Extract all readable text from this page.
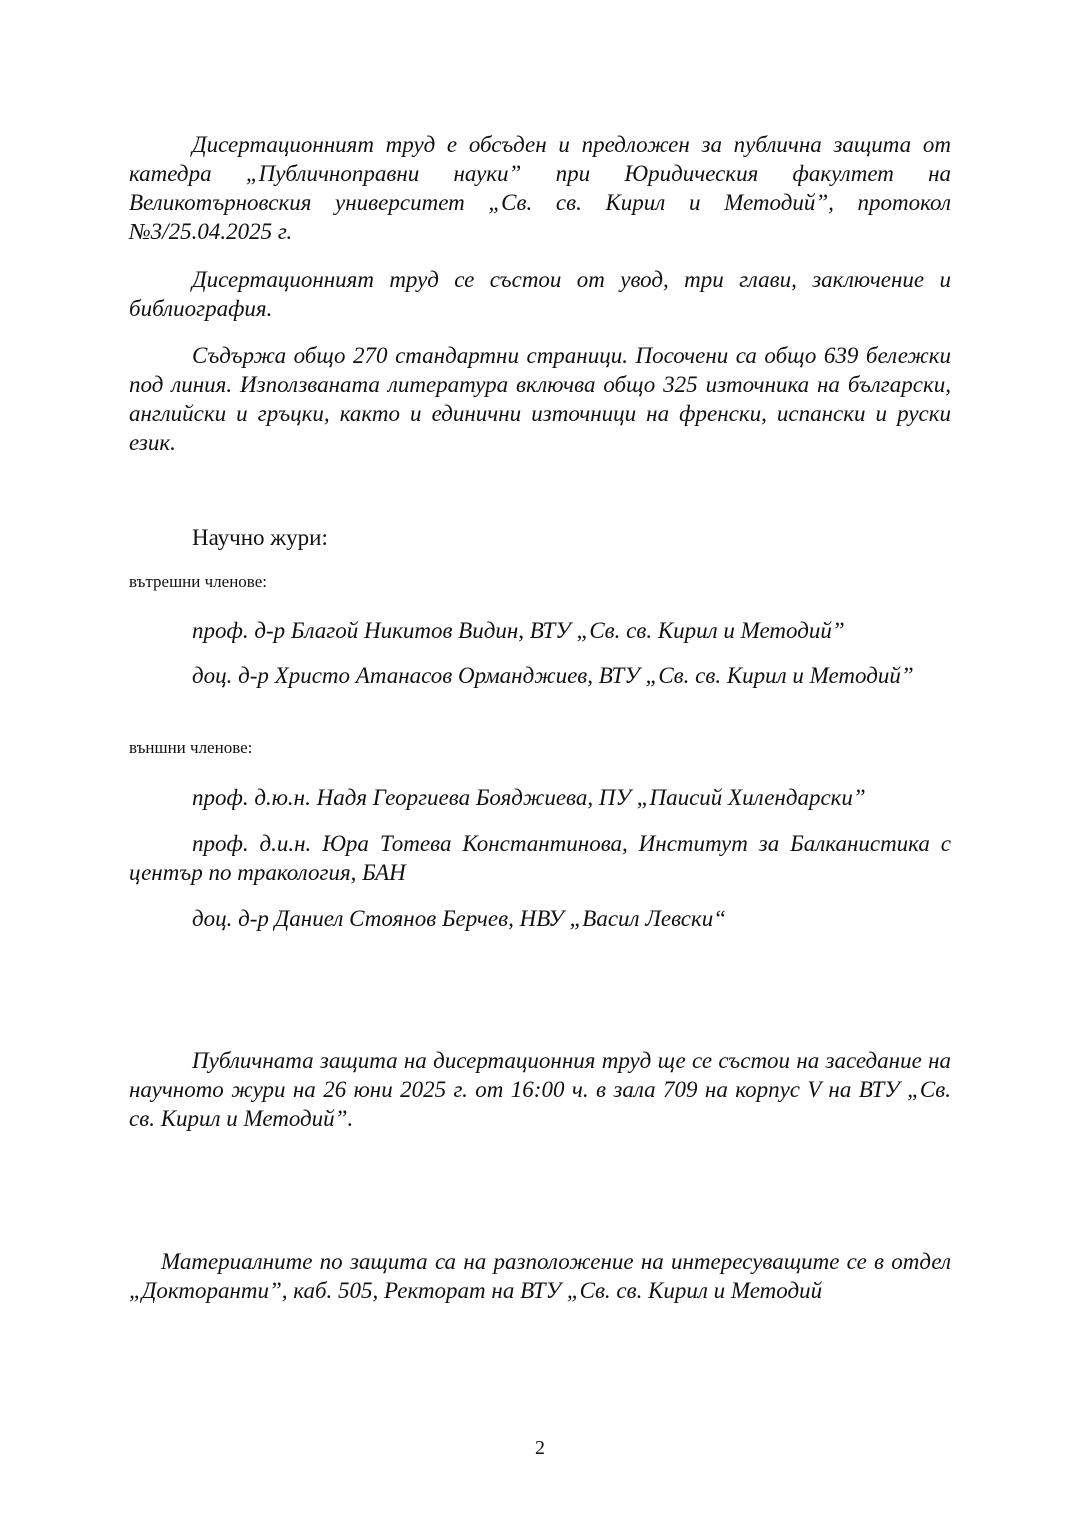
Дисертационният труд е обсъден и предложен за публична защита от катедра „Публичноправни науки” при Юридическия факултет на Великотърновския университет „Св. св. Кирил и Методий”, протокол №3/25.04.2025 г.

Дисертационният труд се състои от увод, три глави, заключение и библиография.

Съдържа общо 270 стандартни страници. Посочени са общо 639 бележки под линия. Използваната литература включва общо 325 източника на български, английски и гръцки, както и единични източници на френски, испански и руски език.

Научно жури:

вътрешни членове:

проф. д-р Благой Никитов Видин, ВТУ „Св. св. Кирил и Методий”

доц. д-р Христо Атанасов Орманджиев, ВТУ „Св. св. Кирил и Методий”

външни членове:

проф. д.ю.н. Надя Георгиева Бояджиева, ПУ „Паисий Хилендарски”

проф. д.и.н. Юра Тотева Константинова, Институт за Балканистика с център по тракология, БАН

доц. д-р Даниел Стоянов Берчев, НВУ „Васил Левски“

Публичната защита на дисертационния труд ще се състои на заседание на научното жури на 26 юни 2025 г. от 16:00 ч. в зала 709 на корпус V на ВТУ „Св. св. Кирил и Методий”.

Материалните по защита са на разположение на интересуващите се в отдел „Докторанти”, каб. 505, Ректорат на ВТУ „Св. св. Кирил и Методий

2
